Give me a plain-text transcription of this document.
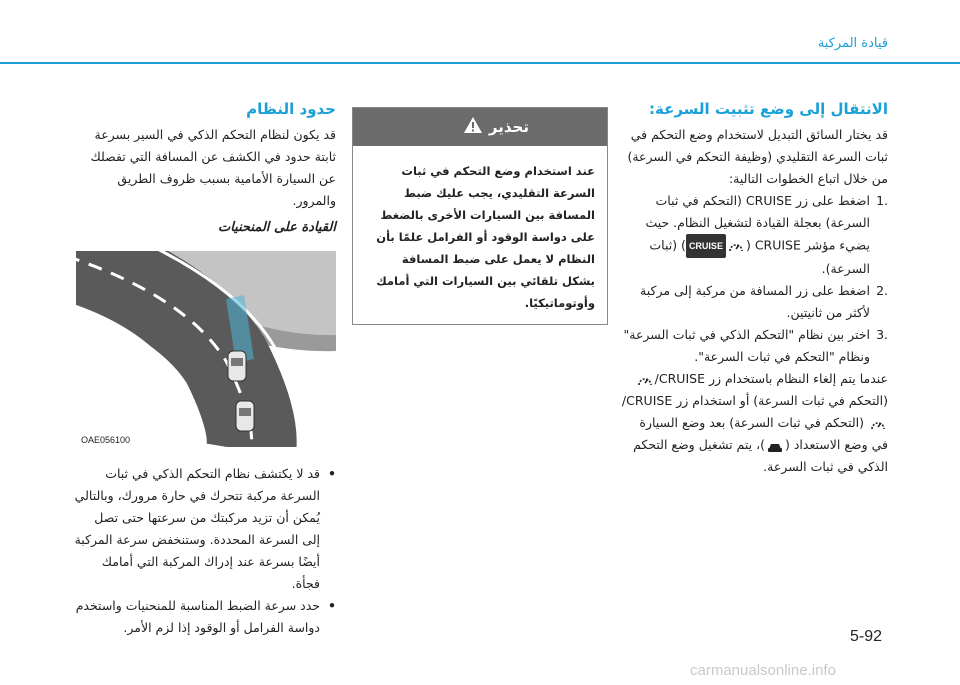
قيادة المركبة
الانتقال إلى وضع تثبيت السرعة:
قد يختار السائق التبديل لاستخدام وضع التحكم في ثبات السرعة التقليدي (وظيفة التحكم في السرعة) من خلال اتباع الخطوات التالية:
.1
اضغط على زر CRUISE (التحكم في ثبات السرعة) بعجلة القيادة لتشغيل النظام. حيث يضيء مؤشر CRUISE (CRUISE) (ثبات السرعة).
.2
اضغط على زر المسافة من مركبة إلى مركبة لأكثر من ثانيتين.
.3
اختر بين نظام "التحكم الذكي في ثبات السرعة" ونظام "التحكم في ثبات السرعة".
عندما يتم إلغاء النظام باستخدام زر CRUISE/ (التحكم في ثبات السرعة) أو استخدام زر CRUISE/ (التحكم في ثبات السرعة) بعد وضع السيارة في وضع الاستعداد ()، يتم تشغيل وضع التحكم الذكي في ثبات السرعة.
تحذير
عند استخدام وضع التحكم في ثبات السرعة التقليدي، يجب عليك ضبط المسافة بين السيارات الأخرى بالضغط على دواسة الوقود أو الفرامل علمًا بأن النظام لا يعمل على ضبط المسافة بشكل تلقائي بين السيارات التي أمامك وأوتوماتيكيًا.
حدود النظام
قد يكون لنظام التحكم الذكي في السير بسرعة ثابتة حدود في الكشف عن المسافة التي تفصلك عن السيارة الأمامية بسبب ظروف الطريق والمرور.
القيادة على المنحنيات
OAE056100
•
قد لا يكتشف نظام التحكم الذكي في ثبات السرعة مركبة تتحرك في حارة مرورك، وبالتالي يُمكن أن تزيد مركبتك من سرعتها حتى تصل إلى السرعة المحددة. وستنخفض سرعة المركبة أيضًا بسرعة عند إدراك المركبة التي أمامك فجأة.
•
حدد سرعة الضبط المناسبة للمنحنيات واستخدم دواسة الفرامل أو الوقود إذا لزم الأمر.
5-92
carmanualsonline.info
